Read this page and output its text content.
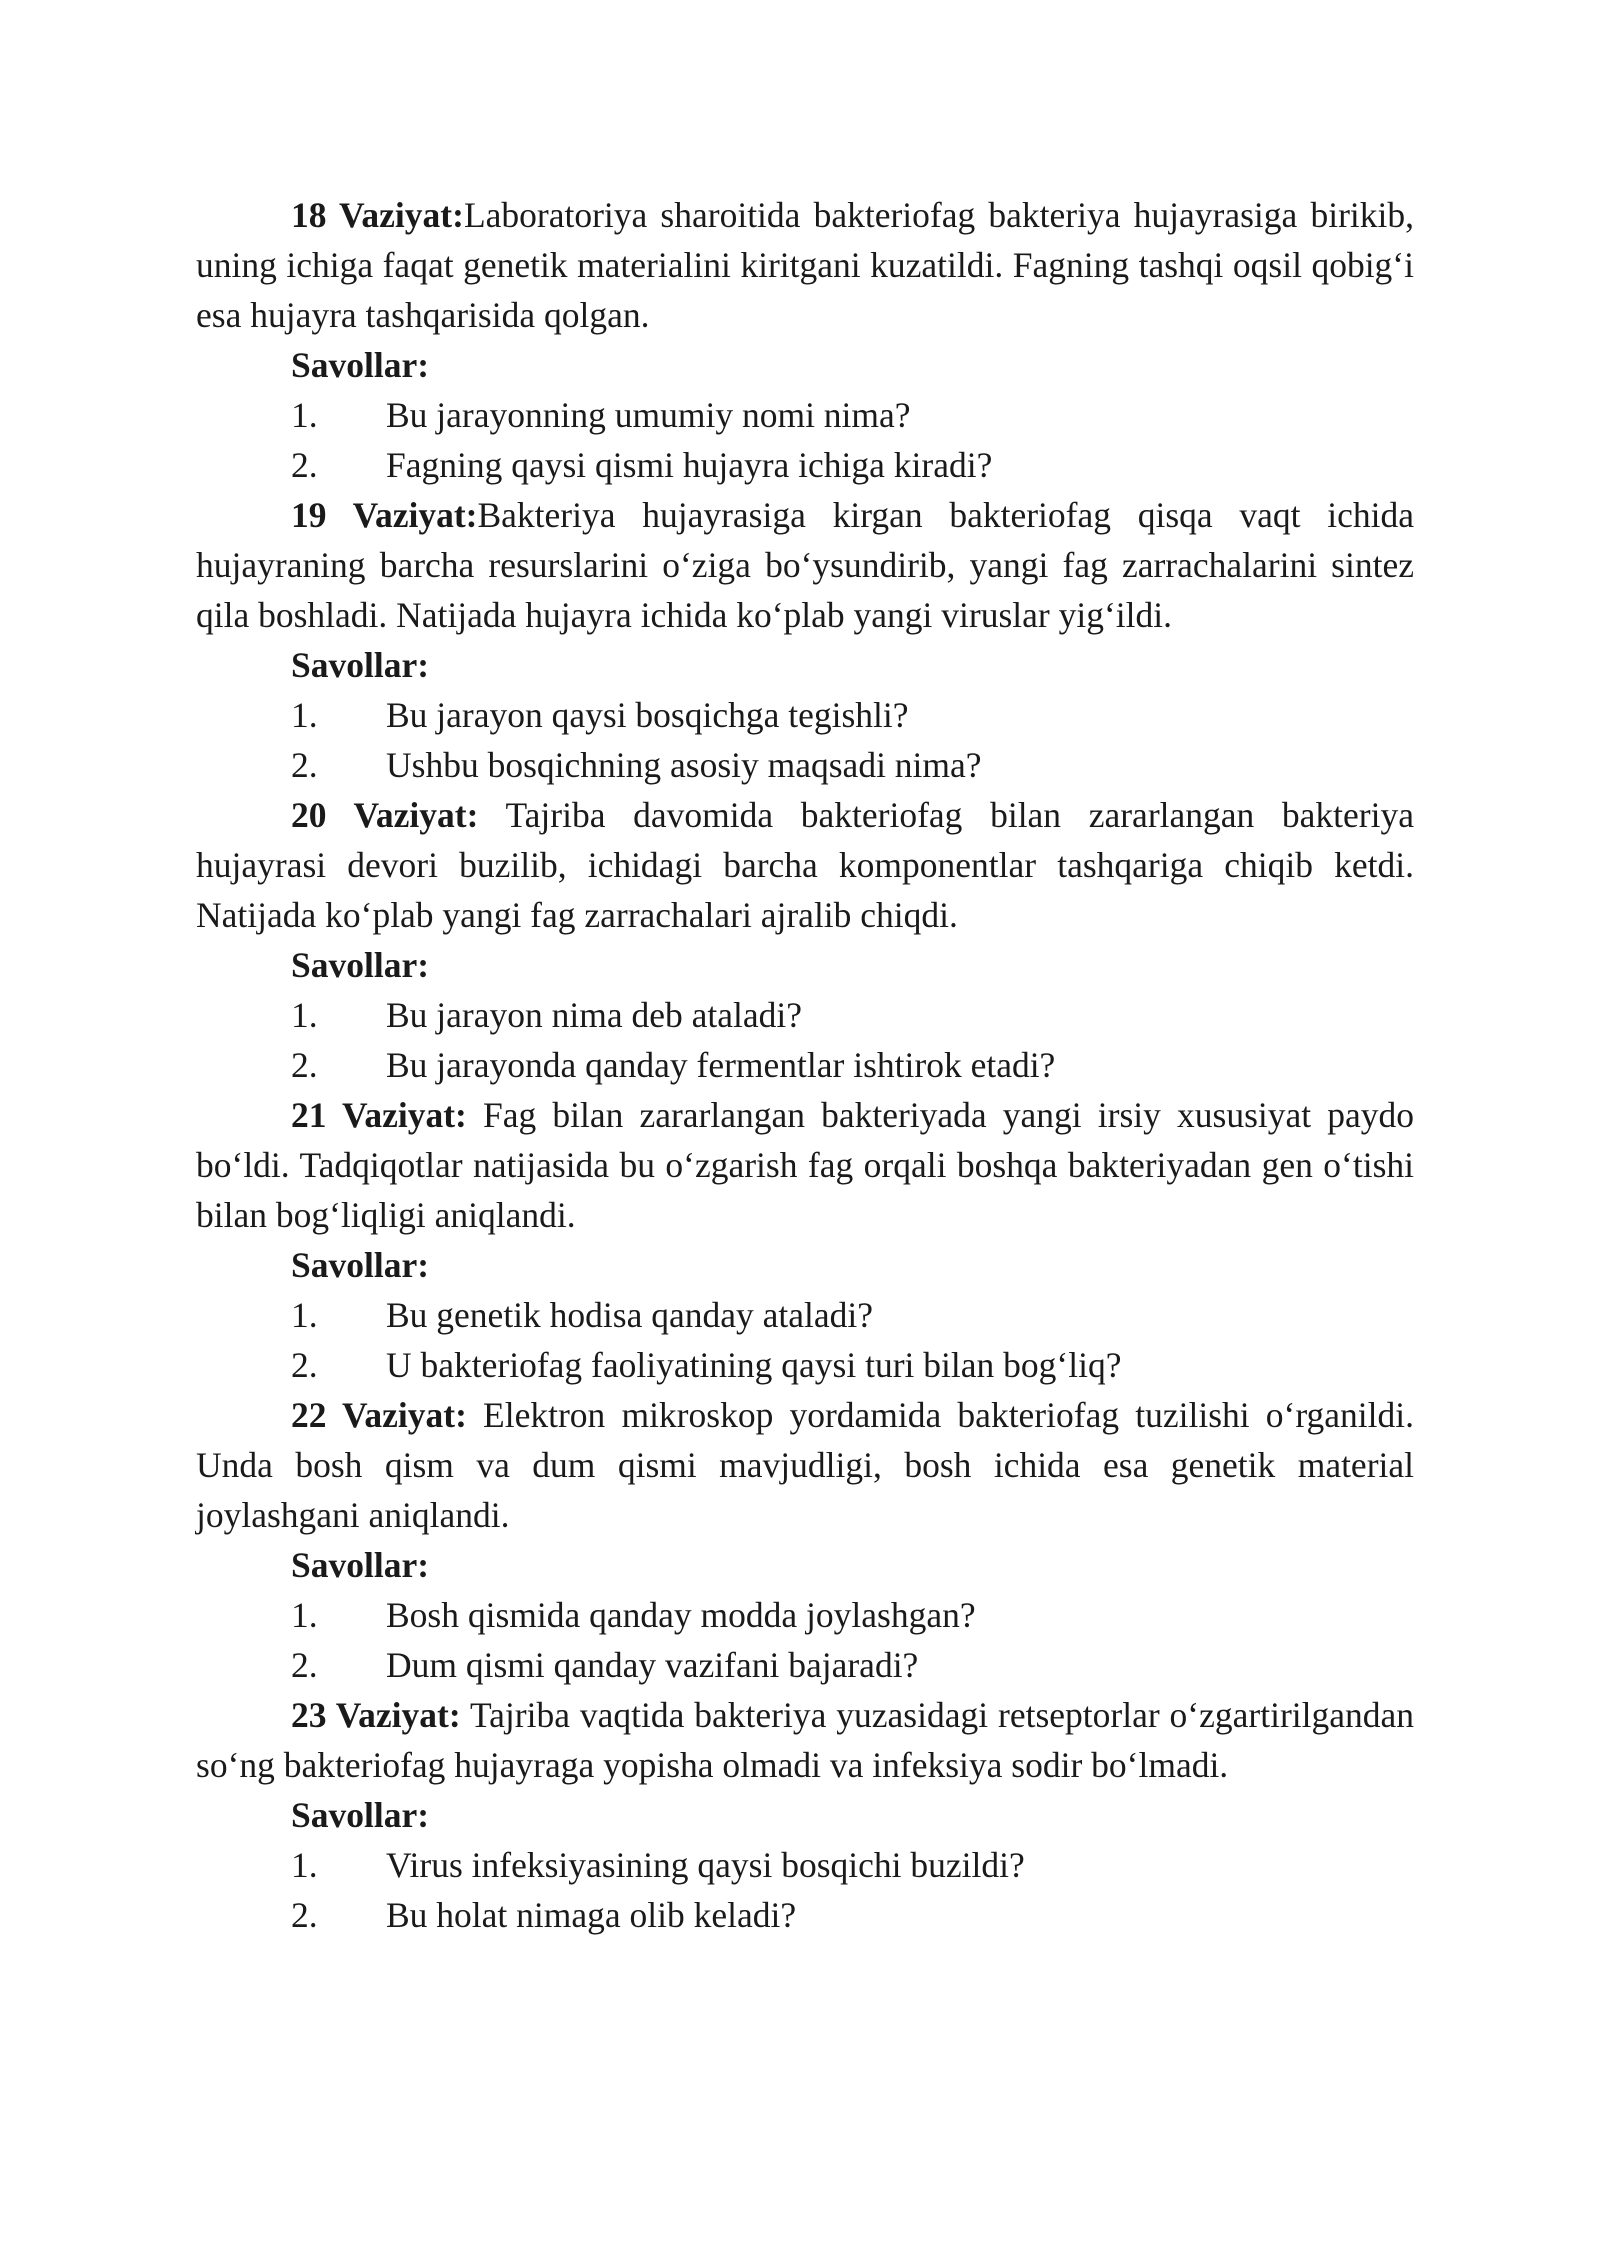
18 Vaziyat:Laboratoriya sharoitida bakteriofag bakteriya hujayrasiga birikib, uning ichiga faqat genetik materialini kiritgani kuzatildi. Fagning tashqi oqsil qobig‘i esa hujayra tashqarisida qolgan.

Savollar:

1.	Bu jarayonning umumiy nomi nima?

2.	Fagning qaysi qismi hujayra ichiga kiradi?

19 Vaziyat:Bakteriya hujayrasiga kirgan bakteriofag qisqa vaqt ichida hujayraning barcha resurslarini o‘ziga bo‘ysundirib, yangi fag zarrachalarini sintez qila boshladi. Natijada hujayra ichida ko‘plab yangi viruslar yig‘ildi.

Savollar:

1.	Bu jarayon qaysi bosqichga tegishli?

2.	Ushbu bosqichning asosiy maqsadi nima?

20 Vaziyat: Tajriba davomida bakteriofag bilan zararlangan bakteriya hujayrasi devori buzilib, ichidagi barcha komponentlar tashqariga chiqib ketdi. Natijada ko‘plab yangi fag zarrachalari ajralib chiqdi.

Savollar:

1.	Bu jarayon nima deb ataladi?

2.	Bu jarayonda qanday fermentlar ishtirok etadi?

21 Vaziyat: Fag bilan zararlangan bakteriyada yangi irsiy xususiyat paydo bo‘ldi. Tadqiqotlar natijasida bu o‘zgarish fag orqali boshqa bakteriyadan gen o‘tishi bilan bog‘liqligi aniqlandi.

Savollar:

1.	Bu genetik hodisa qanday ataladi?

2.	U bakteriofag faoliyatining qaysi turi bilan bog‘liq?

22 Vaziyat: Elektron mikroskop yordamida bakteriofag tuzilishi o‘rganildi. Unda bosh qism va dum qismi mavjudligi, bosh ichida esa genetik material joylashgani aniqlandi.

Savollar:

1.	Bosh qismida qanday modda joylashgan?

2.	Dum qismi qanday vazifani bajaradi?

23 Vaziyat: Tajriba vaqtida bakteriya yuzasidagi retseptorlar o‘zgartirilgandan so‘ng bakteriofag hujayraga yopisha olmadi va infeksiya sodir bo‘lmadi.

Savollar:

1.	Virus infeksiyasining qaysi bosqichi buzildi?

2.	Bu holat nimaga olib keladi?
